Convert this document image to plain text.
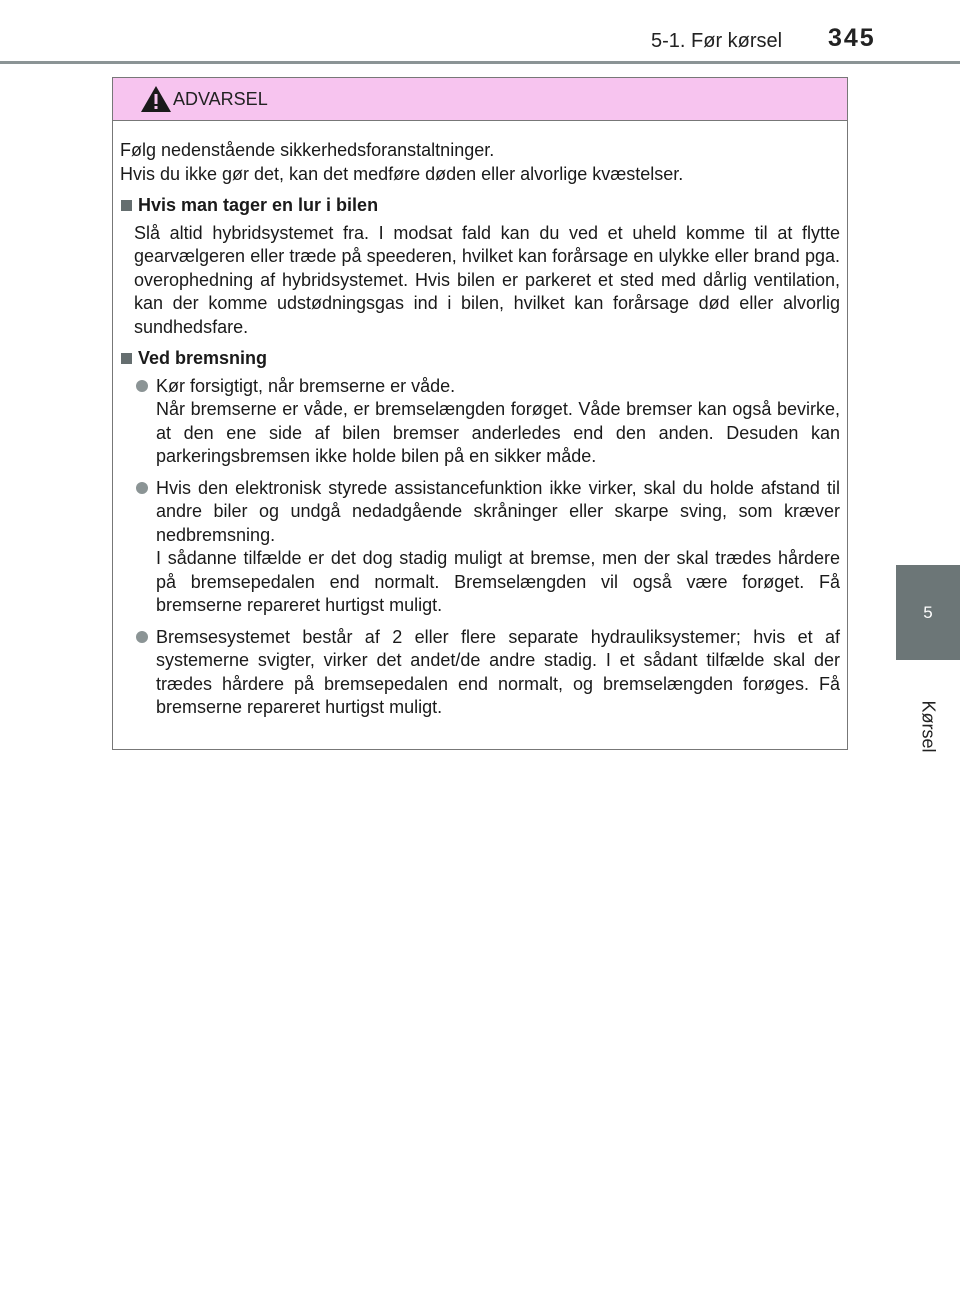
5-1. Før kørsel 345
5
Kørsel
ADVARSEL

Følg nedenstående sikkerhedsforanstaltninger.

Hvis du ikke gør det, kan det medføre døden eller alvorlige kvæstelser.

Hvis man tager en lur i bilen

Slå altid hybridsystemet fra. I modsat fald kan du ved et uheld komme til at flytte gearvælgeren eller træde på speederen, hvilket kan forårsage en ulykke eller brand pga. overophedning af hybridsystemet. Hvis bilen er parkeret et sted med dårlig ventilation, kan der komme udstødningsgas ind i bilen, hvilket kan forårsage død eller alvorlig sundhedsfare.

Ved bremsning

Kør forsigtigt, når bremserne er våde.

Når bremserne er våde, er bremselængden forøget. Våde bremser kan også bevirke, at den ene side af bilen bremser anderledes end den anden. Desuden kan parkeringsbremsen ikke holde bilen på en sikker måde.

Hvis den elektronisk styrede assistancefunktion ikke virker, skal du holde afstand til andre biler og undgå nedadgående skråninger eller skarpe sving, som kræver nedbremsning.

I sådanne tilfælde er det dog stadig muligt at bremse, men der skal trædes hårdere på bremsepedalen end normalt. Bremselængden vil også være forøget. Få bremserne repareret hurtigst muligt.

Bremsesystemet består af 2 eller flere separate hydrauliksystemer; hvis et af systemerne svigter, virker det andet/de andre stadig. I et sådant tilfælde skal der trædes hårdere på bremsepedalen end normalt, og bremselængden forøges. Få bremserne repareret hurtigst muligt.
